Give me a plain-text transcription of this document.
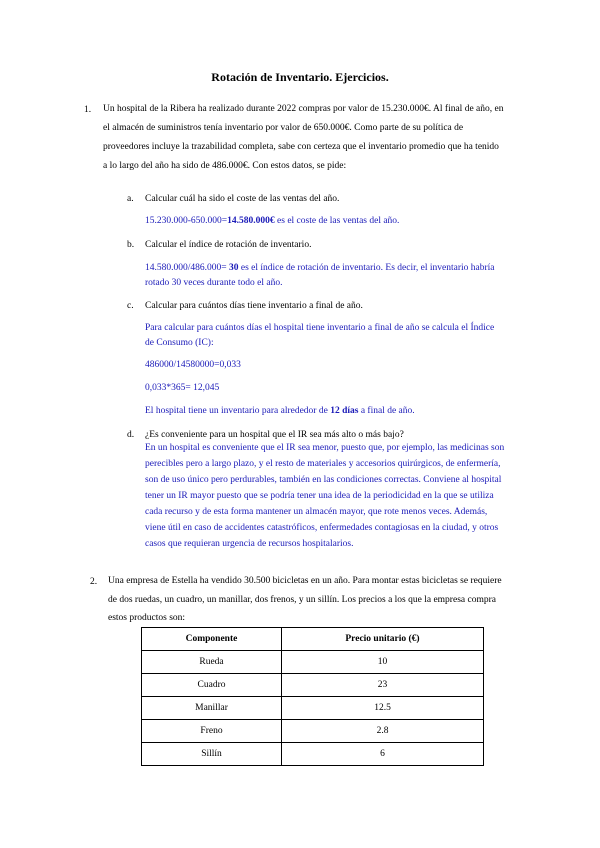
Rotación de Inventario. Ejercicios.
1. Un hospital de la Ribera ha realizado durante 2022 compras por valor de 15.230.000€. Al final de año, en
el almacén de suministros tenía inventario por valor de 650.000€. Como parte de su política de
proveedores incluye la trazabilidad completa, sabe con certeza que el inventario promedio que ha tenido
a lo largo del año ha sido de 486.000€. Con estos datos, se pide:
a. Calcular cuál ha sido el coste de las ventas del año.
15.230.000-650.000=14.580.000€ es el coste de las ventas del año.
b. Calcular el índice de rotación de inventario.
14.580.000/486.000= 30 es el índice de rotación de inventario. Es decir, el inventario habría
rotado 30 veces durante todo el año.
c. Calcular para cuántos días tiene inventario a final de año.
Para calcular para cuántos días el hospital tiene inventario a final de año se calcula el Índice
de Consumo (IC):
486000/14580000=0,033
0,033*365= 12,045
El hospital tiene un inventario para alrededor de 12 días a final de año.
d. ¿Es conveniente para un hospital que el IR sea más alto o más bajo?
En un hospital es conveniente que el IR sea menor, puesto que, por ejemplo, las medicinas son
perecibles pero a largo plazo, y el resto de materiales y accesorios quirúrgicos, de enfermería,
son de uso único pero perdurables, también en las condiciones correctas. Conviene al hospital
tener un IR mayor puesto que se podría tener una idea de la periodicidad en la que se utiliza
cada recurso y de esta forma mantener un almacén mayor, que rote menos veces. Además,
viene útil en caso de accidentes catastróficos, enfermedades contagiosas en la ciudad, y otros
casos que requieran urgencia de recursos hospitalarios.
2. Una empresa de Estella ha vendido 30.500 bicicletas en un año. Para montar estas bicicletas se requiere
de dos ruedas, un cuadro, un manillar, dos frenos, y un sillín. Los precios a los que la empresa compra
estos productos son:
Componente	Precio unitario (€)
Rueda	10
Cuadro	23
Manillar	12.5
Freno	2.8
Sillín	6
